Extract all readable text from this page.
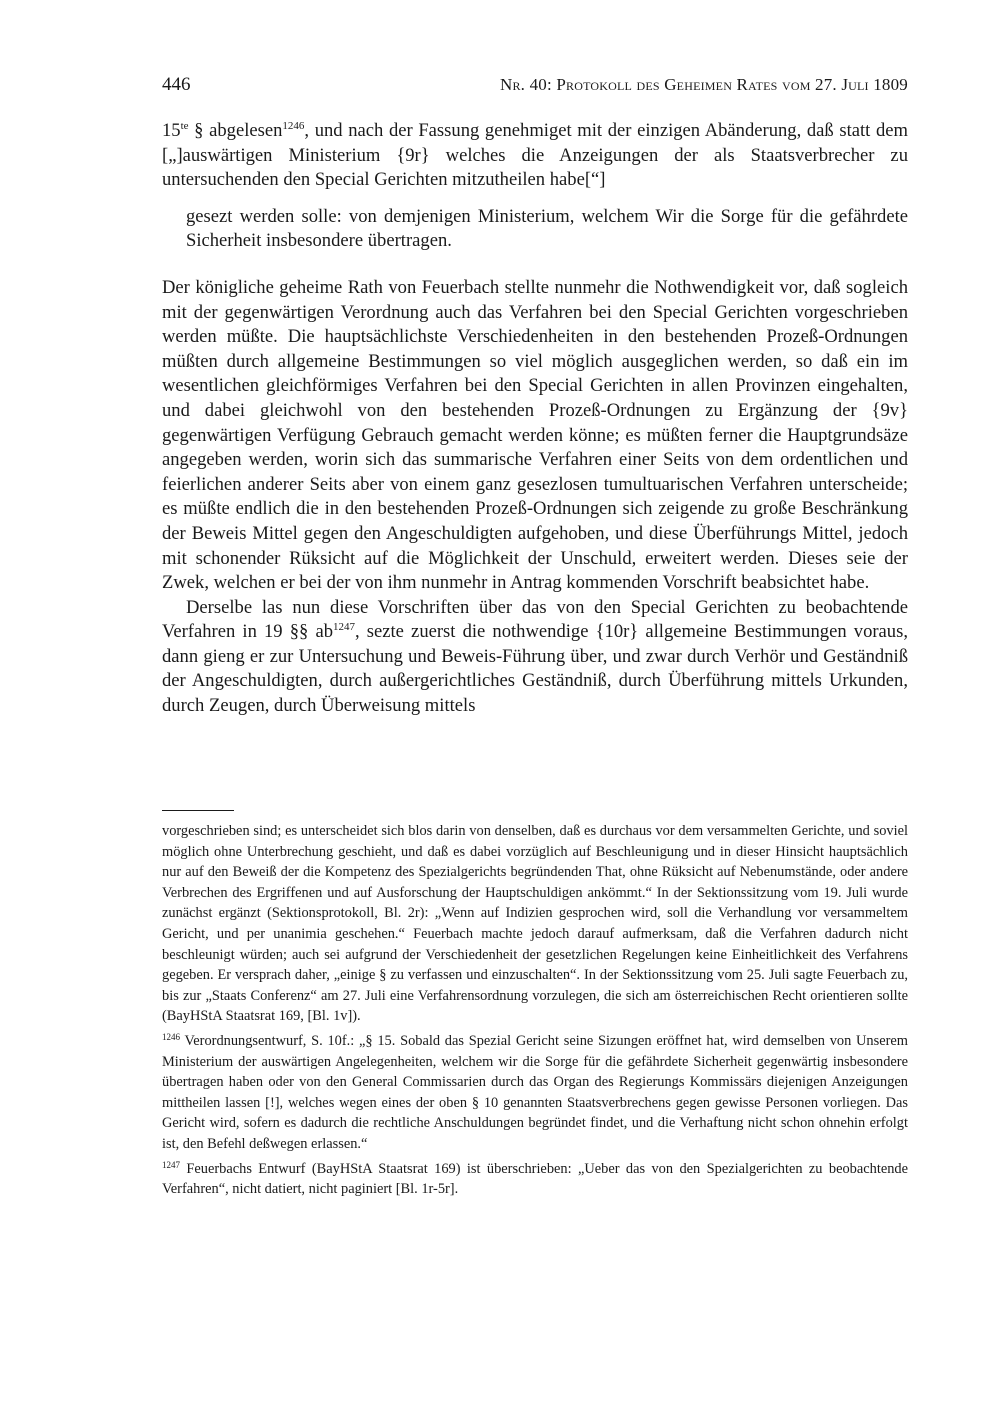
446	Nr. 40: Protokoll des Geheimen Rates vom 27. Juli 1809

$15^{te}$ § abgelesen$^{1246}$, und nach der Fassung genehmiget mit der einzigen Abänderung, daß statt dem [„]auswärtigen Ministerium {9r} welches die Anzeigungen der als Staatsverbrecher zu untersuchenden den Special Gerichten mitzutheilen habe[“]

gesezt werden solle: von demjenigen Ministerium, welchem Wir die Sorge für die gefährdete Sicherheit insbesondere übertragen.

Der königliche geheime Rath von Feuerbach stellte nunmehr die Nothwendigkeit vor, daß sogleich mit der gegenwärtigen Verordnung auch das Verfahren bei den Special Gerichten vorgeschrieben werden müßte. Die hauptsächlichste Verschiedenheiten in den bestehenden Prozeß-Ordnungen müßten durch allgemeine Bestimmungen so viel möglich ausgeglichen werden, so daß ein im wesentlichen gleichförmiges Verfahren bei den Special Gerichten in allen Provinzen eingehalten, und dabei gleichwohl von den bestehenden Prozeß-Ordnungen zu Ergänzung der {9v} gegenwärtigen Verfügung Gebrauch gemacht werden könne; es müßten ferner die Hauptgrundsäze angegeben werden, worin sich das summarische Verfahren einer Seits von dem ordentlichen und feierlichen anderer Seits aber von einem ganz gesezlosen tumultuarischen Verfahren unterscheide; es müßte endlich die in den bestehenden Prozeß-Ordnungen sich zeigende zu große Beschränkung der Beweis Mittel gegen den Angeschuldigten aufgehoben, und diese Überführungs Mittel, jedoch mit schonender Rüksicht auf die Möglichkeit der Unschuld, erweitert werden. Dieses seie der Zwek, welchen er bei der von ihm nunmehr in Antrag kommenden Vorschrift beabsichtet habe.

Derselbe las nun diese Vorschriften über das von den Special Gerichten zu beobachtende Verfahren in 19 §§ $ab^{1247}$, sezte zuerst die nothwendige {10r} allgemeine Bestimmungen voraus, dann gieng er zur Untersuchung und Beweis-Führung über, und zwar durch Verhör und Geständniß der Angeschuldigten, durch außergerichtliches Geständniß, durch Überführung mittels Urkunden, durch Zeugen, durch Überweisung mittels

vorgeschrieben sind; es unterscheidet sich blos darin von denselben, daß es durchaus vor dem versammelten Gerichte, und soviel möglich ohne Unterbrechung geschieht, und daß es dabei vorzüglich auf Beschleunigung und in dieser Hinsicht hauptsächlich nur auf den Beweiß der die Kompetenz des Spezialgerichts begründenden That, ohne Rüksicht auf Nebenumstände, oder andere Verbrechen des Ergriffenen und auf Ausforschung der Hauptschuldigen ankömmt.“ In der Sektionssitzung vom 19. Juli wurde zunächst ergänzt (Sektionsprotokoll, Bl. 2r): „Wenn auf Indizien gesprochen wird, soll die Verhandlung vor versammeltem Gericht, und per unanimia geschehen.“ Feuerbach machte jedoch darauf aufmerksam, daß die Verfahren dadurch nicht beschleunigt würden; auch sei aufgrund der Verschiedenheit der gesetzlichen Regelungen keine Einheitlichkeit des Verfahrens gegeben. Er versprach daher, „einige § zu verfassen und einzuschalten“. In der Sektionssitzung vom 25. Juli sagte Feuerbach zu, bis zur „Staats Conferenz“ am 27. Juli eine Verfahrensordnung vorzulegen, die sich am österreichischen Recht orientieren sollte (BayHStA Staatsrat 169, [Bl. 1v]).

$^{1246}$ Verordnungsentwurf, S. 10f.: „§ 15. Sobald das Spezial Gericht seine Sizungen eröffnet hat, wird demselben von Unserem Ministerium der auswärtigen Angelegenheiten, welchem wir die Sorge für die gefährdete Sicherheit gegenwärtig insbesondere übertragen haben oder von den General Commissarien durch das Organ des Regierungs Kommissärs diejenigen Anzeigungen mittheilen lassen [!], welches wegen eines der oben § 10 genannten Staatsverbrechens gegen gewisse Personen vorliegen. Das Gericht wird, sofern es dadurch die rechtliche Anschuldungen begründet findet, und die Verhaftung nicht schon ohnehin erfolgt ist, den Befehl deßwegen erlassen.“

$^{1247}$ Feuerbachs Entwurf (BayHStA Staatsrat 169) ist überschrieben: „Ueber das von den Spezialgerichten zu beobachtende Verfahren“, nicht datiert, nicht paginiert [Bl. 1r-5r].
